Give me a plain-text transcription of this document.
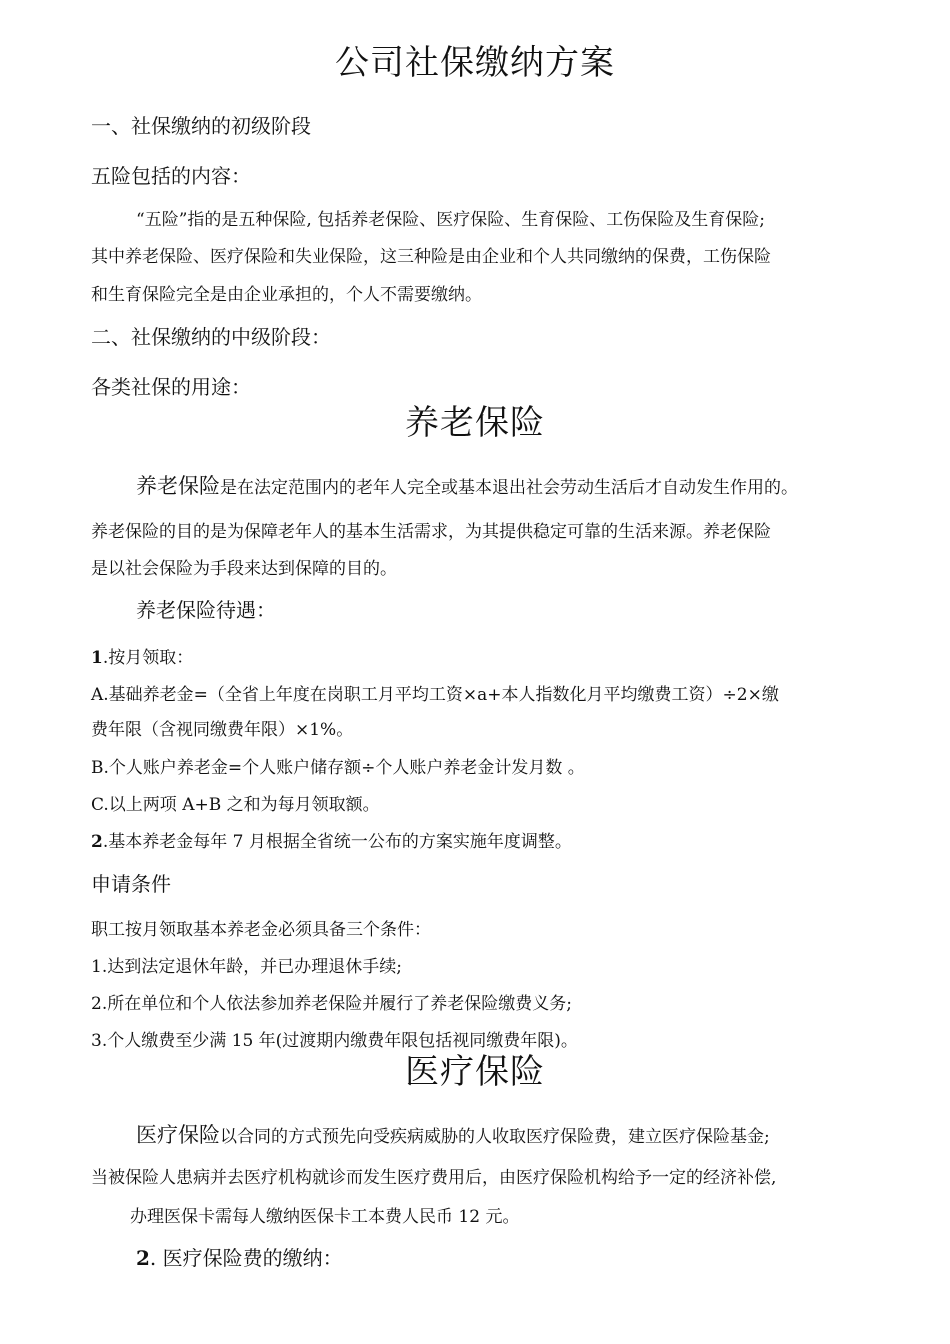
公司社保缴纳方案
一、社保缴纳的初级阶段
五险包括的内容：
“五险”指的是五种保险, 包括养老保险、医疗保险、生育保险、工伤保险及生育保险;
其中养老保险、医疗保险和失业保险，这三种险是由企业和个人共同缴纳的保费，工伤保险
和生育保险完全是由企业承担的，个人不需要缴纳。
二、社保缴纳的中级阶段：
各类社保的用途：
养老保险
养老保险是在法定范围内的老年人完全或基本退出社会劳动生活后才自动发生作用的。
养老保险的目的是为保障老年人的基本生活需求，为其提供稳定可靠的生活来源。养老保险
是以社会保险为手段来达到保障的目的。
养老保险待遇：
1.按月领取：
A.基础养老金=（全省上年度在岗职工月平均工资×a+本人指数化月平均缴费工资）÷2×缴
费年限（含视同缴费年限）×1%。
B.个人账户养老金=个人账户储存额÷个人账户养老金计发月数 。
C.以上两项 A+B 之和为每月领取额。
2.基本养老金每年 7 月根据全省统一公布的方案实施年度调整。
申请条件
职工按月领取基本养老金必须具备三个条件：
1.达到法定退休年龄，并已办理退休手续;
2.所在单位和个人依法参加养老保险并履行了养老保险缴费义务;
3.个人缴费至少满 15 年(过渡期内缴费年限包括视同缴费年限)。
医疗保险
医疗保险以合同的方式预先向受疾病威胁的人收取医疗保险费，建立医疗保险基金;
当被保险人患病并去医疗机构就诊而发生医疗费用后，由医疗保险机构给予一定的经济补偿,
办理医保卡需每人缴纳医保卡工本费人民币 12 元。
2. 医疗保险费的缴纳：
